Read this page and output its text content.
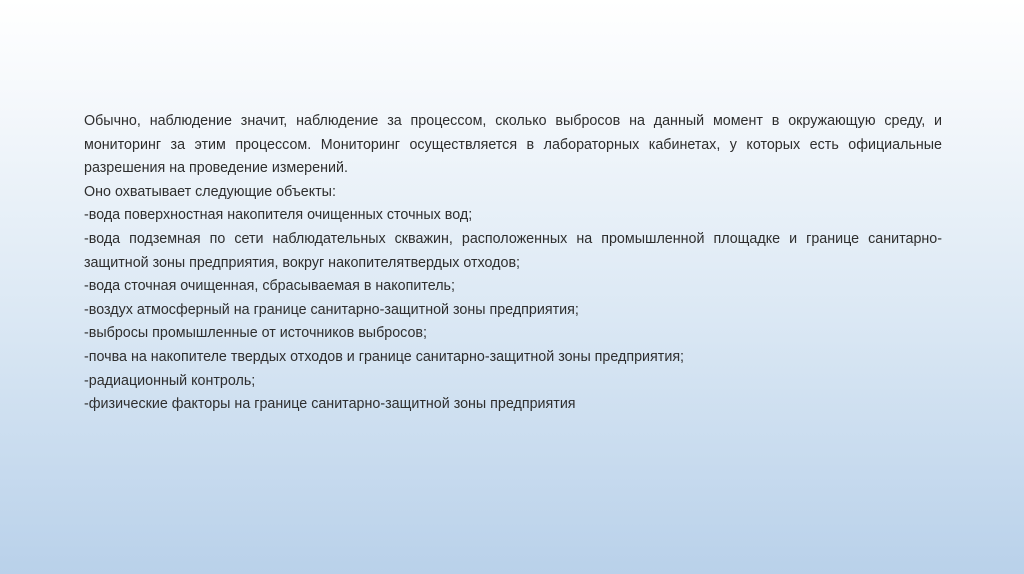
Обычно, наблюдение значит, наблюдение за процессом, сколько выбросов на данный момент в окружающую среду, и мониторинг за этим процессом. Мониторинг осуществляется в лабораторных кабинетах, у которых есть официальные разрешения на проведение измерений.

Оно охватывает следующие объекты:

-вода поверхностная накопителя очищенных сточных вод;

-вода подземная по сети наблюдательных скважин, расположенных на промышленной площадке и границе санитарно-защитной зоны предприятия, вокруг накопителятвердых отходов;

-вода сточная очищенная, сбрасываемая в накопитель;

-воздух атмосферный на границе санитарно-защитной зоны предприятия;

-выбросы промышленные от источников выбросов;

-почва на накопителе твердых отходов и границе санитарно-защитной зоны предприятия;

-радиационный контроль;

-физические факторы на границе санитарно-защитной зоны предприятия
